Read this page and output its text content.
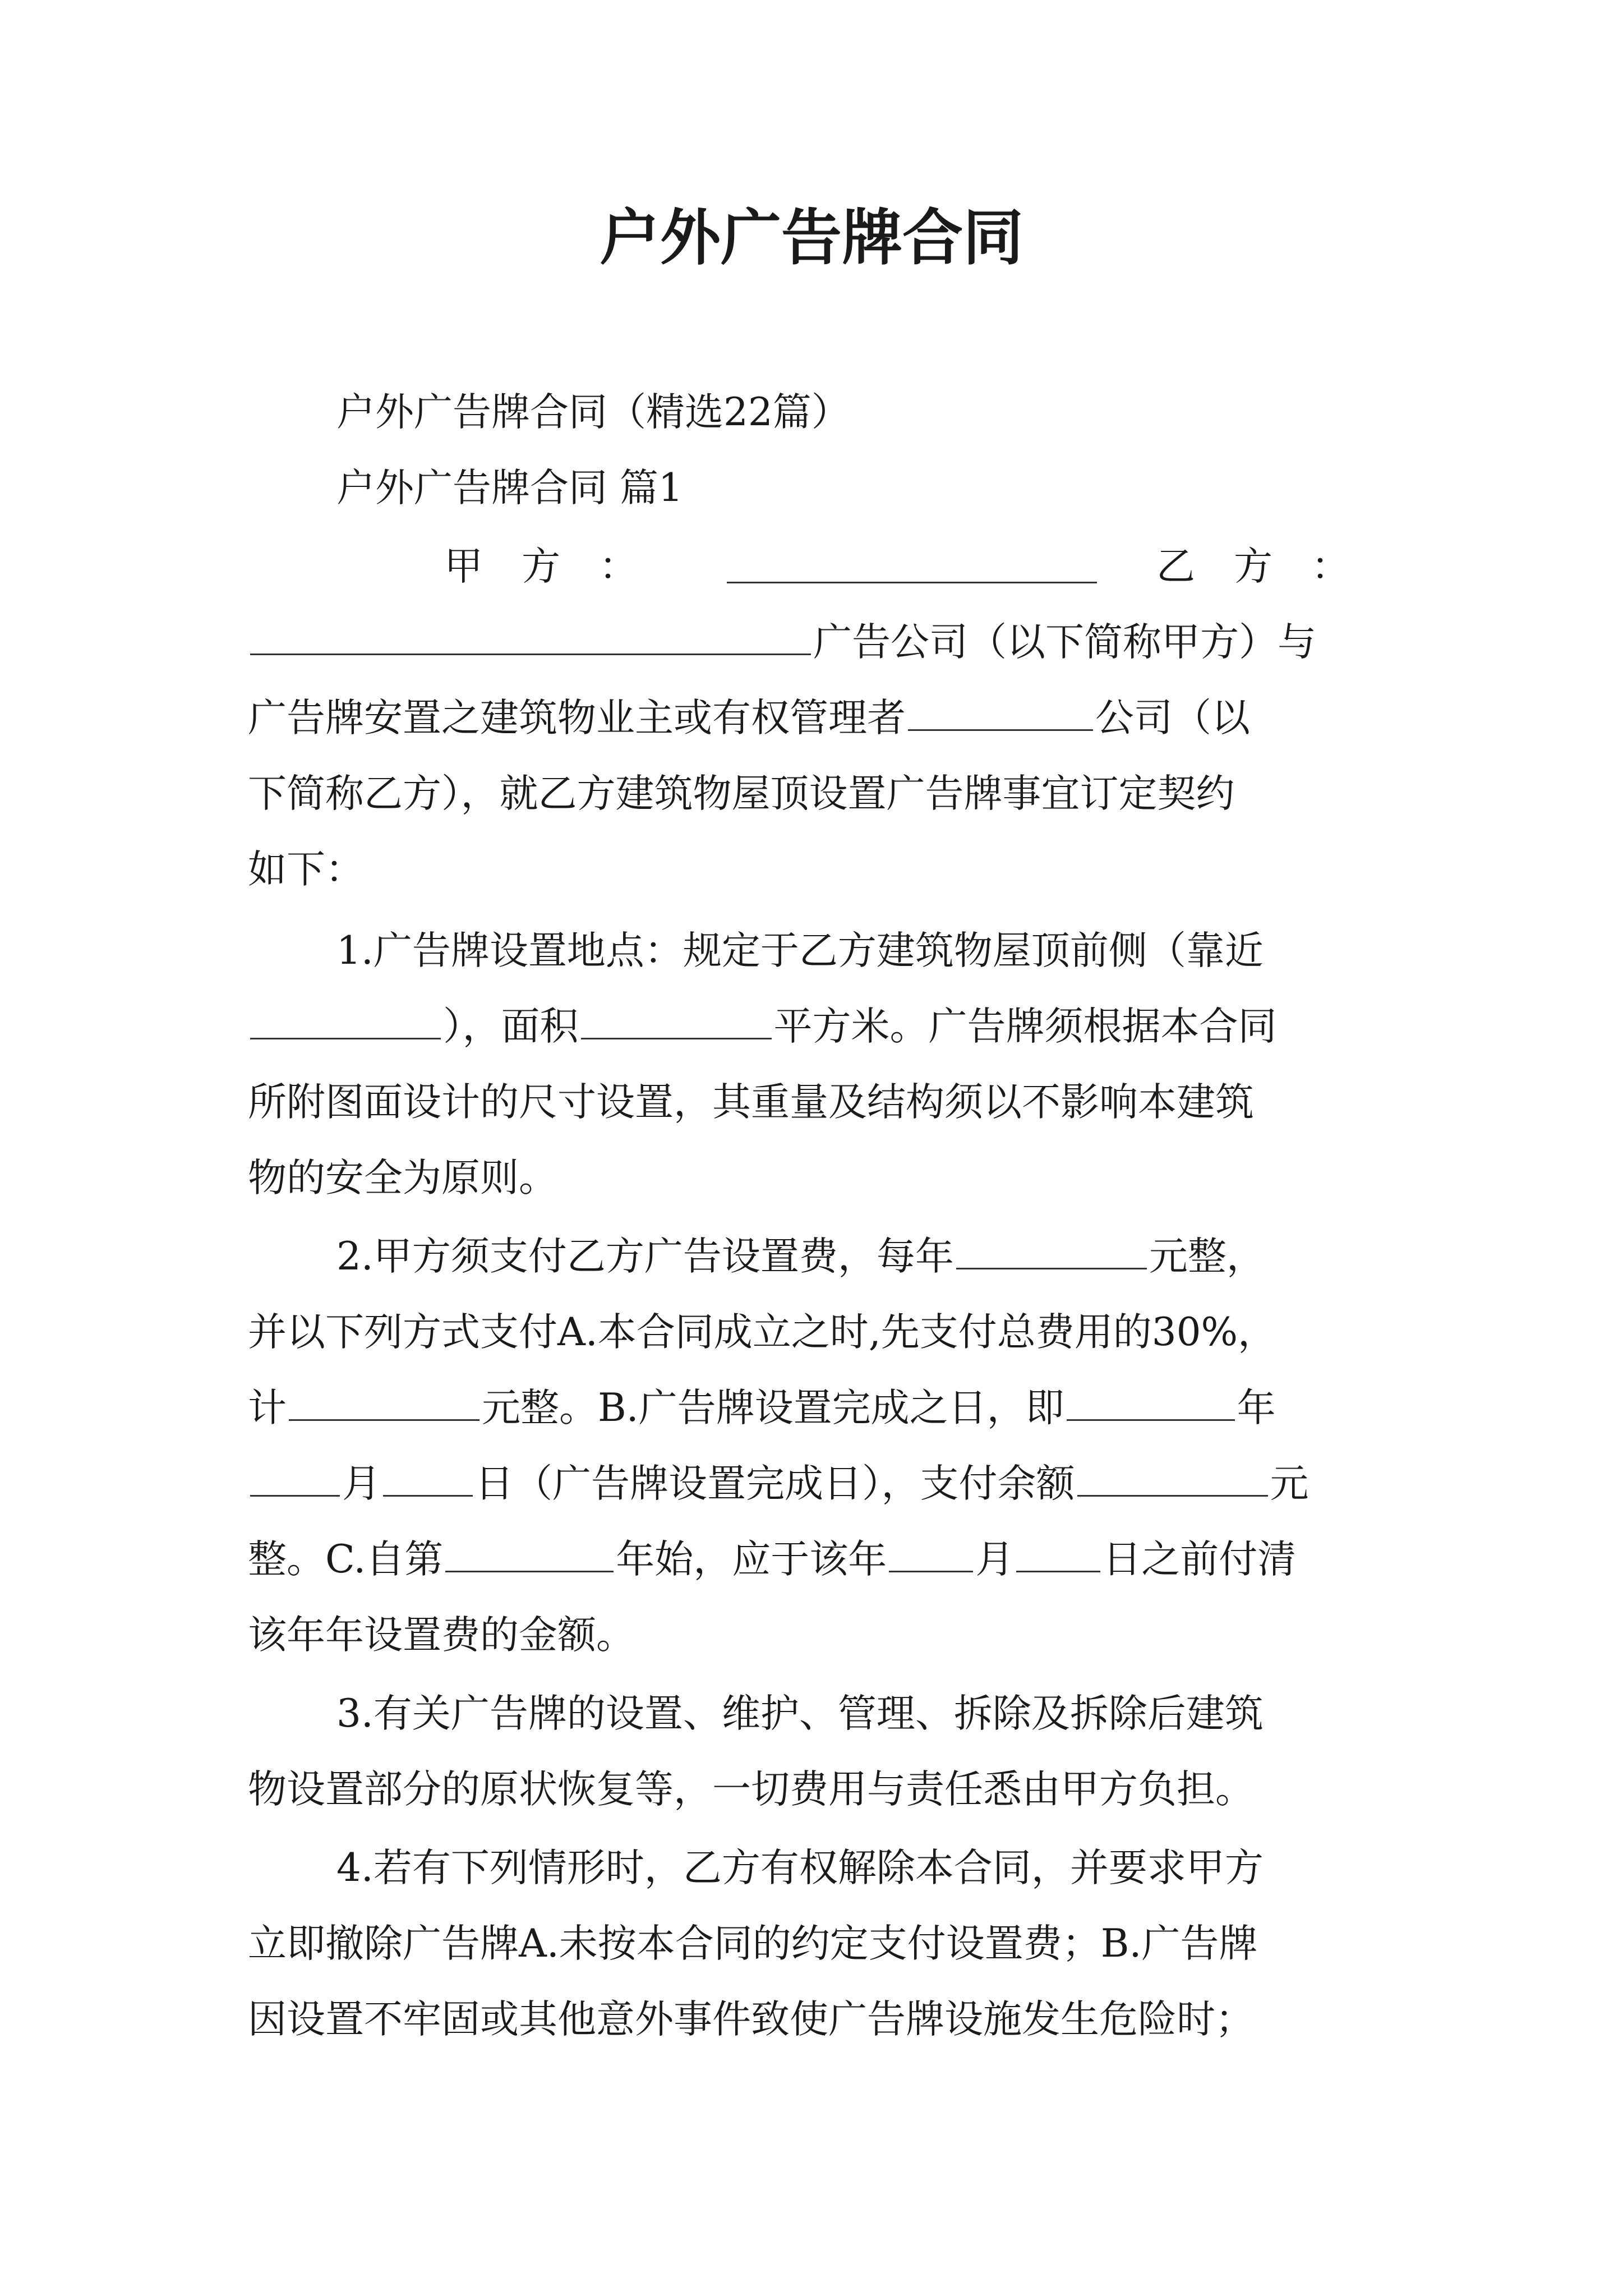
户外广告牌合同
户外广告牌合同（精选22篇）
户外广告牌合同 篇1
甲　方　：	乙　方　：
广告公司（以下简称甲方）与
广告牌安置之建筑物业主或有权管理者	公司（以
下简称乙方），就乙方建筑物屋顶设置广告牌事宜订定契约
如下：
1.广告牌设置地点：规定于乙方建筑物屋顶前侧（靠近
），面积	平方米。广告牌须根据本合同
所附图面设计的尺寸设置，其重量及结构须以不影响本建筑
物的安全为原则。
2.甲方须支付乙方广告设置费，每年	元整，
并以下列方式支付A.本合同成立之时,先支付总费用的30%，
计	元整。B.广告牌设置完成之日，即	年
月 日（广告牌设置完成日），支付余额	元
整。C.自第	年始，应于该年 月 日之前付清
该年年设置费的金额。
3.有关广告牌的设置、维护、管理、拆除及拆除后建筑
物设置部分的原状恢复等，一切费用与责任悉由甲方负担。
4.若有下列情形时，乙方有权解除本合同，并要求甲方
立即撤除广告牌A.未按本合同的约定支付设置费；B.广告牌
因设置不牢固或其他意外事件致使广告牌设施发生危险时；
